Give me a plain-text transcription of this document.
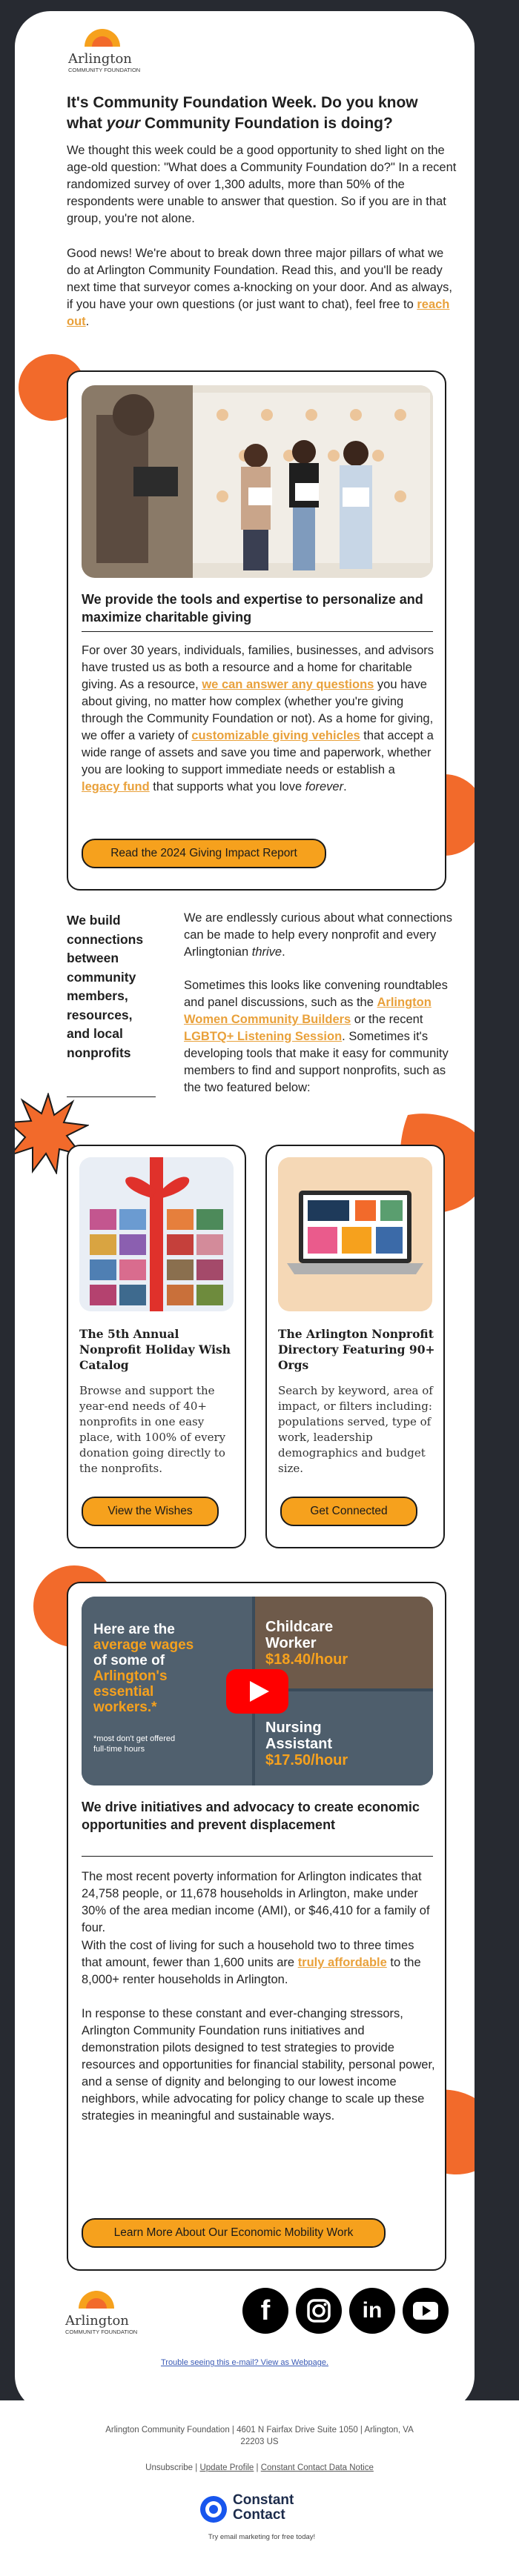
Arlington
COMMUNITY FOUNDATION
It's Community Foundation Week. Do you know
what your Community Foundation is doing?
We thought this week could be a good opportunity to shed light on the age-old question: "What does a Community Foundation do?" In a recent randomized survey of over 1,300 adults, more than 50% of the respondents were unable to answer that question. So if you are in that group, you're not alone.
Good news! We're about to break down three major pillars of what we do at Arlington Community Foundation. Read this, and you'll be ready next time that surveyor comes a-knocking on your door. And as always, if you have your own questions (or just want to chat), feel free to reach out.
We provide the tools and expertise to personalize and maximize charitable giving
For over 30 years, individuals, families, businesses, and advisors have trusted us as both a resource and a home for charitable giving. As a resource, we can answer any questions you have about giving, no matter how complex (whether you're giving through the Community Foundation or not). As a home for giving, we offer a variety of customizable giving vehicles that accept a wide range of assets and save you time and paperwork, whether you are looking to support immediate needs or establish a legacy fund that supports what you love forever.
Read the 2024 Giving Impact Report
We build connections between community members, resources, and local nonprofits
We are endlessly curious about what connections can be made to help every nonprofit and every Arlingtonian thrive.
Sometimes this looks like convening roundtables and panel discussions, such as the Arlington Women Community Builders or the recent LGBTQ+ Listening Session. Sometimes it's developing tools that make it easy for community members to find and support nonprofits, such as the two featured below:
The 5th Annual Nonprofit Holiday Wish Catalog
Browse and support the year-end needs of 40+ nonprofits in one easy place, with 100% of every donation going directly to the nonprofits.
View the Wishes
The Arlington Nonprofit Directory Featuring 90+ Orgs
Search by keyword, area of impact, or filters including: populations served, type of work, leadership demographics and budget size.
Get Connected
Here are the
average wages
of some of
Arlington's
essential
workers.*
*most don't get offered
full-time hours
Childcare
Worker
$18.40/hour
Nursing
Assistant
$17.50/hour
We drive initiatives and advocacy to create economic opportunities and prevent displacement
The most recent poverty information for Arlington indicates that 24,758 people, or 11,678 households in Arlington, make under 30% of the area median income (AMI), or $46,410 for a family of four.
With the cost of living for such a household two to three times that amount, fewer than 1,600 units are truly affordable to the 8,000+ renter households in Arlington.
In response to these constant and ever-changing stressors, Arlington Community Foundation runs initiatives and demonstration pilots designed to test strategies to provide resources and opportunities for financial stability, personal power, and a sense of dignity and belonging to our lowest income neighbors, while advocating for policy change to scale up these strategies in meaningful and sustainable ways.
Learn More About Our Economic Mobility Work
Arlington
COMMUNITY FOUNDATION
f	in
Trouble seeing this e-mail? View as Webpage.
Arlington Community Foundation | 4601 N Fairfax Drive Suite 1050 | Arlington, VA
22203 US
Unsubscribe | Update Profile | Constant Contact Data Notice
Constant
Contact
Try email marketing for free today!
